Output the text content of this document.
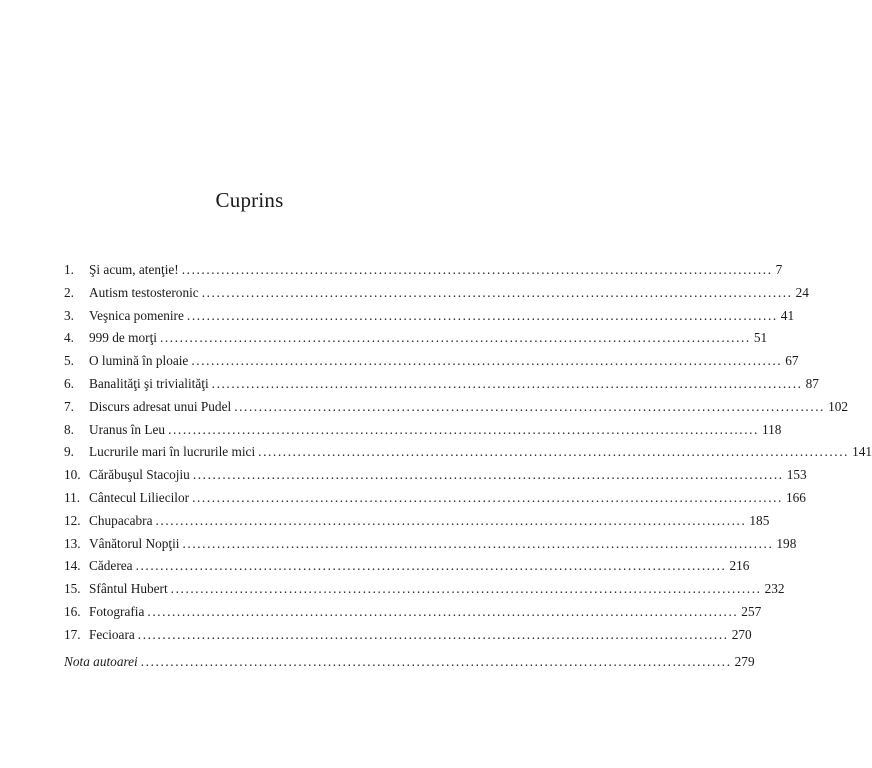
Cuprins
1.	Şi acum, atenţie! ........................................................................................................................ 7
2.	Autism testosteronic ........................................................................................................................ 24
3.	Veşnica pomenire ........................................................................................................................ 41
4.	999 de morţi ........................................................................................................................ 51
5.	O lumină în ploaie ........................................................................................................................ 67
6.	Banalităţi şi trivialităţi ........................................................................................................................ 87
7.	Discurs adresat unui Pudel ........................................................................................................................ 102
8.	Uranus în Leu ........................................................................................................................ 118
9.	Lucrurile mari în lucrurile mici ........................................................................................................................ 141
10. Cărăbuşul Stacojiu ........................................................................................................................ 153
11. Cântecul Liliecilor ........................................................................................................................ 166
12. Chupacabra ........................................................................................................................ 185
13. Vânătorul Nopţii ........................................................................................................................ 198
14. Căderea ........................................................................................................................ 216
15. Sfântul Hubert ........................................................................................................................ 232
16. Fotografia ........................................................................................................................ 257
17. Fecioara ........................................................................................................................ 270
Nota autoarei ........................................................................................................................ 279
